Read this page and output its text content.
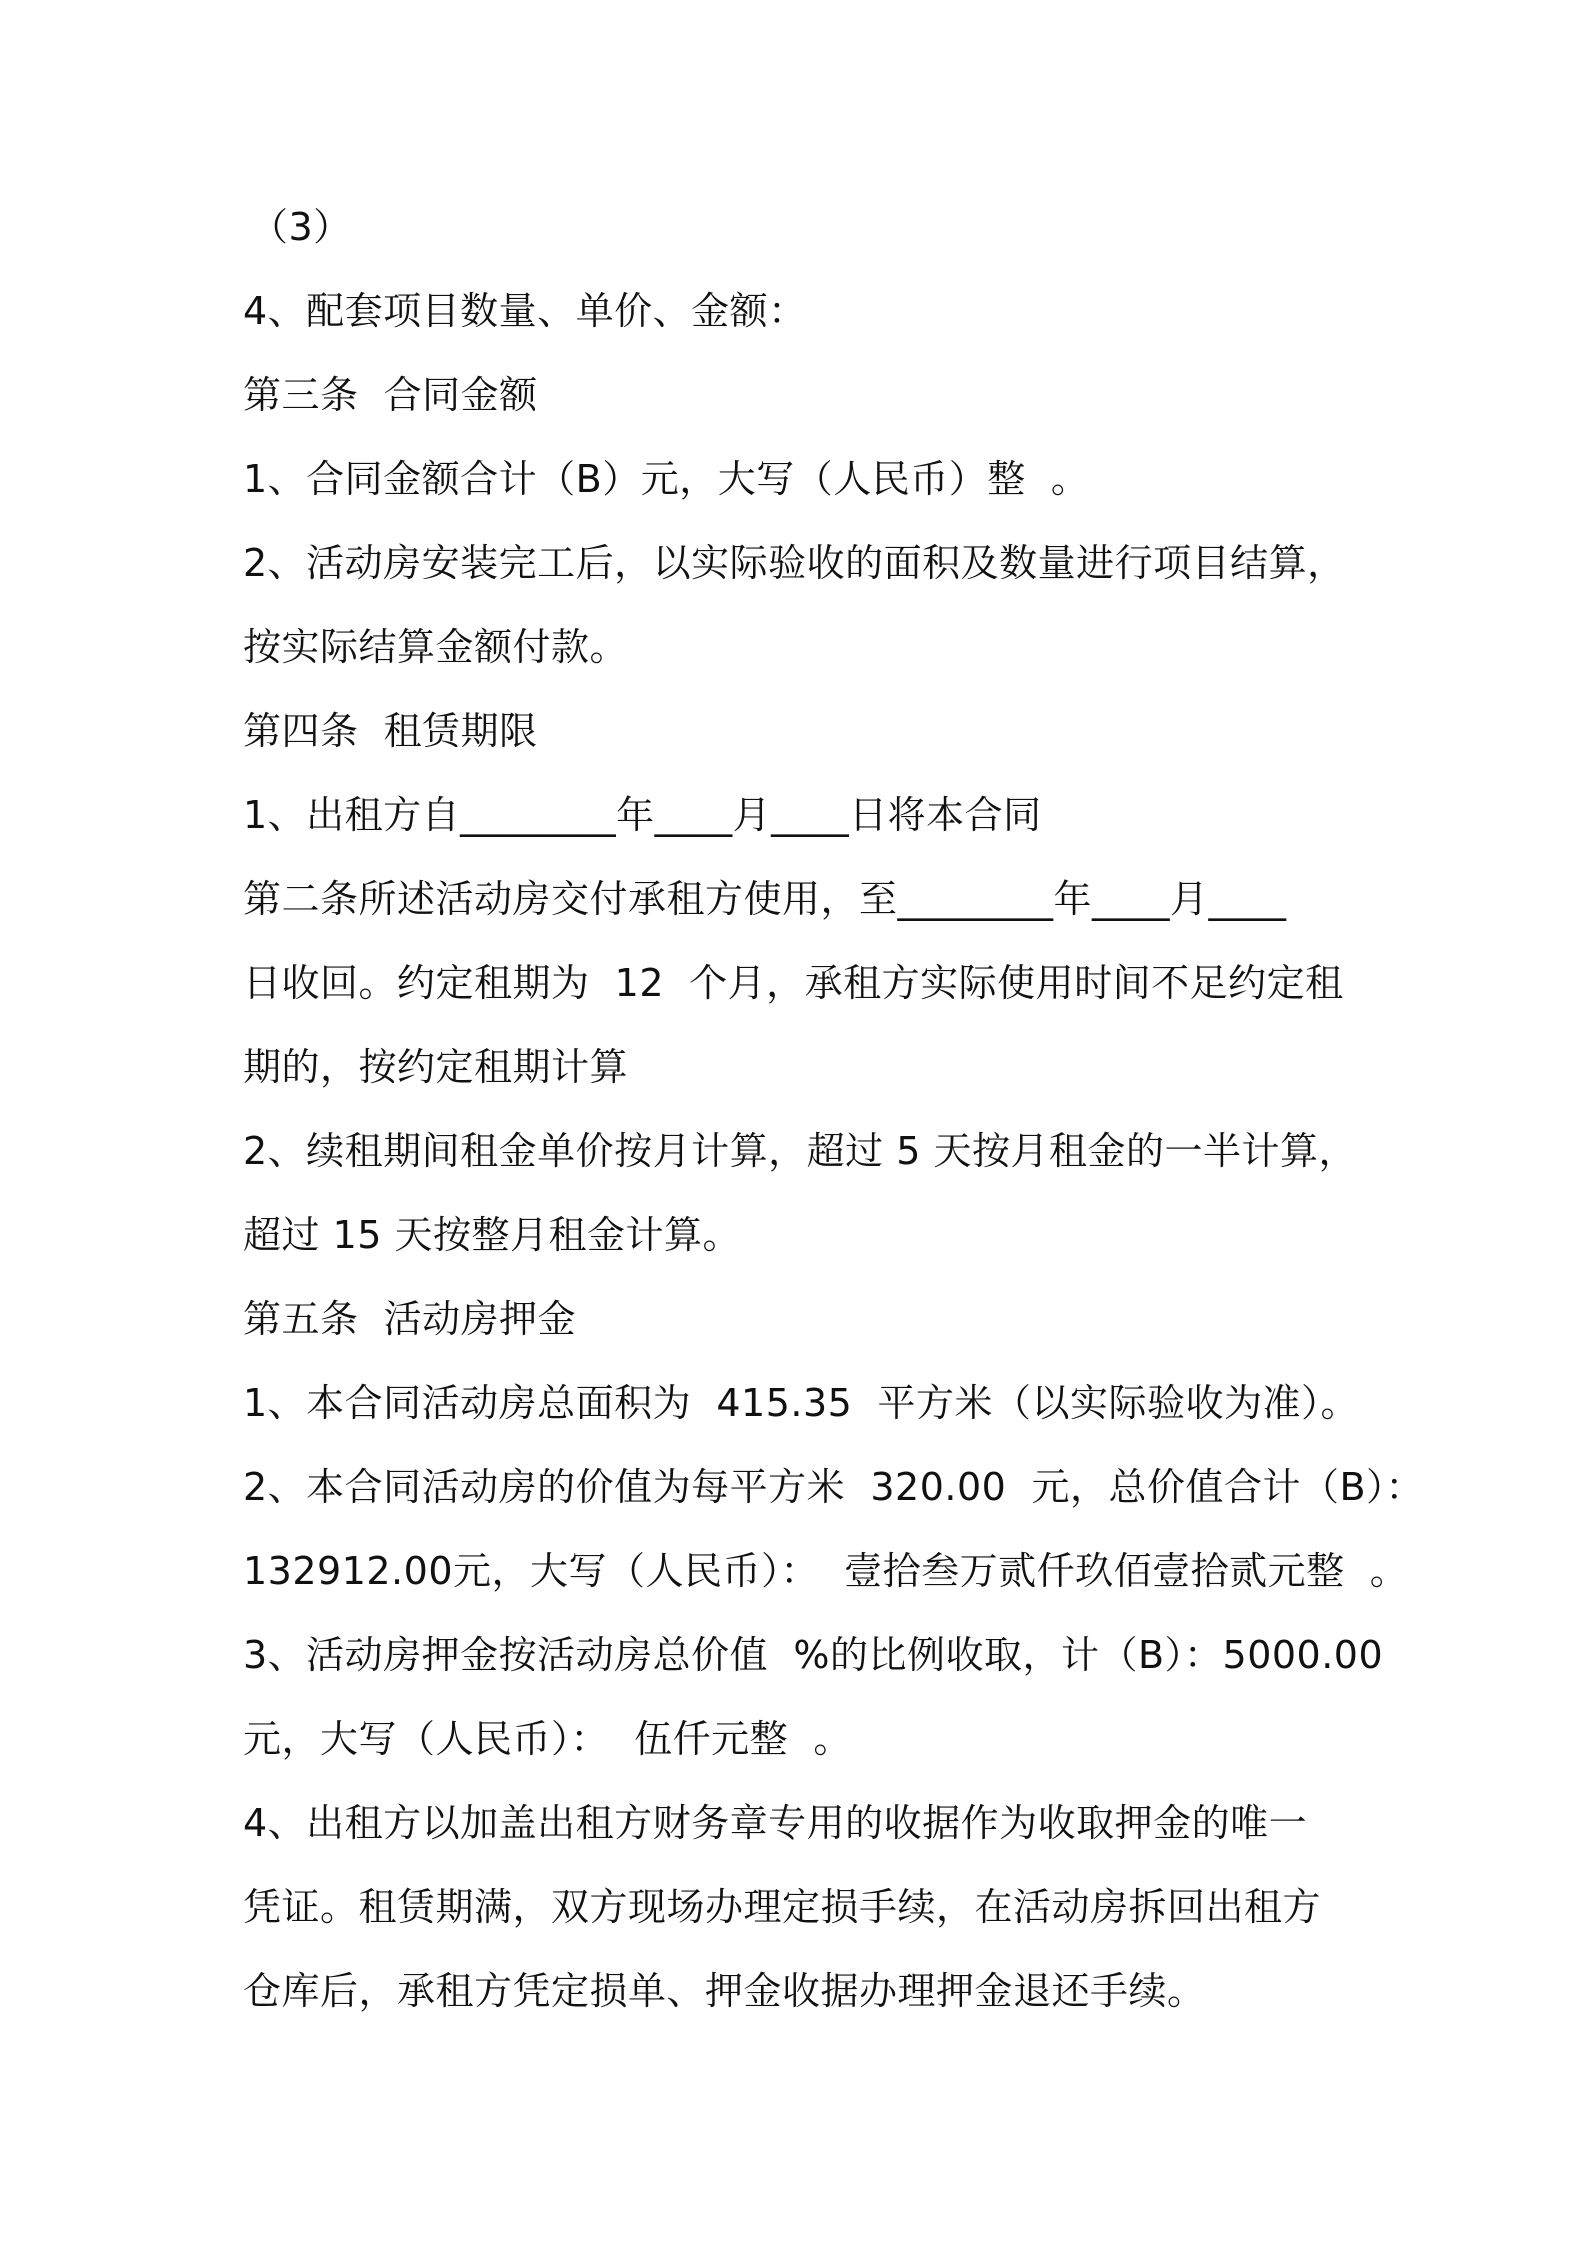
（3）
4、配套项目数量、单价、金额：
第三条  合同金额
1、合同金额合计（B）元，大写（人民币）整  。
2、活动房安装完工后，以实际验收的面积及数量进行项目结算，
按实际结算金额付款。
第四条  租赁期限
1、出租方自________年____月____日将本合同
第二条所述活动房交付承租方使用，至________年____月____
日收回。约定租期为  12  个月，承租方实际使用时间不足约定租
期的，按约定租期计算
2、续租期间租金单价按月计算，超过 5 天按月租金的一半计算，
超过 15 天按整月租金计算。
第五条  活动房押金
1、本合同活动房总面积为  415.35  平方米（以实际验收为准）。
2、本合同活动房的价值为每平方米  320.00  元，总价值合计（B）：
132912.00元，大写（人民币）：  壹拾叁万贰仟玖佰壹拾贰元整  。
3、活动房押金按活动房总价值  %的比例收取，计（B）：5000.00
元，大写（人民币）：  伍仟元整  。
4、出租方以加盖出租方财务章专用的收据作为收取押金的唯一
凭证。租赁期满，双方现场办理定损手续，在活动房拆回出租方
仓库后，承租方凭定损单、押金收据办理押金退还手续。
